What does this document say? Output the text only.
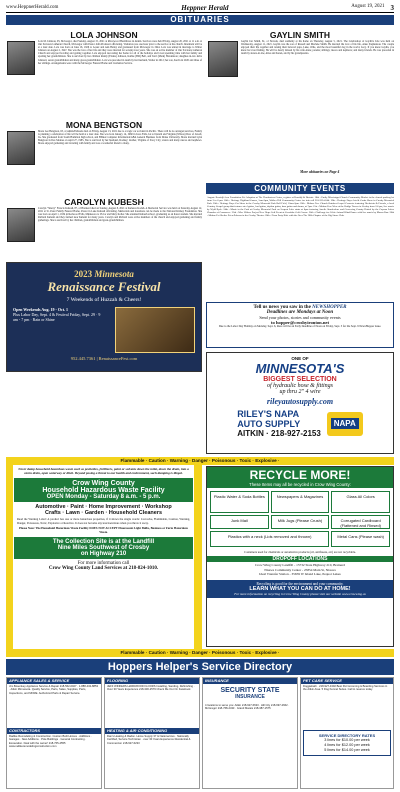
www.HeppnerHerald.com	Heppner Herald	August 19, 2021 3
OBITUARIES
LOLA JOHNSON
Lola M. Johnson, 95, McGregor, died Sunday, August 15, 2021 at Riverwood Healthcare in Aitkin. Services were held Friday, August 20, 2021 at 11 a.m. at Our Saviours Lutheran Church, McGregor with Pastor John Promesci officiating. Visitation was one hour prior to the service at the church. Interment will be at a later date. Lola was born on June 16, 1926 to Lester and Ann Bailey and graduated from McGregor in 1944. Lola was united in marriage to Walter Johnson on August 2, 1947. She was the love of her life and they were married for seventy-four years. She was an active member of Our Saviours Lutheran Church and enjoyed bowling and getting together. Lola enjoyed decorating her home for all of the holidays and loved spending time with her family and spoiling her grandchildren. She is survived by her children Randy (Elaine) Johnson, Kathie (Bill) Bell, and Terri (Mark) Hawkinson; daughter-in-law Jerlis Johnson; seven grandchildren and many great-grandchildren. Lola was preceded in death by her husband, Walter in 2012; her son, Kevin in 2020 and three of her siblings. Arrangements were with the McGregor Funeral Home and Cremation Service.
GAYLIN SMITH
Gaylin Jon Smith, 61, of Nevada, died suddenly at his home on Thursday, August 5, 2021. The Celebration of Gaylin's Life was held on Wednesday, August 11, 2021. Gaylin was the son of Russell and Marlene Smith. He married the love of his life, Anne Stephenson. The couple enjoyed their life together and raising their beloved pups, Luke, Ollie, and the most beautiful dog in the world, Lucy. If you knew Gaylin, you knew he loved fishing. He will be dearly missed by his wife Anne; parents; siblings; nieces and nephews; and many friends. He was preceded in death by sisters-in-law, Alisa and Karen, and by his grandparents.
More obituaries on Page 4
MONA BENGTSON
Mona Lee Bengtson, 63, of Aitkin/Palisade died on Friday, August 13, 2021 due to a tragic car accident in Pacific. There will be no arranged services. Family is planning a celebration of life will be held at a later date. She was born January 14, 1960 in Iowa Falls, IA to Donald and Virginia (Wilson) Daw of Jewell, IA. She graduated from South Hamilton high school, and BS&A Computer Information/ABA General Business from Drake University. Mona married Lynn Bengtson in Des Moines on April 27, 1985. She is survived by her husband, Rodney; mother, Virginia of Story City; sisters and many nieces and nephews. Mona enjoyed gardening and traveling with family and was a wonderful friend to many.
CAROLYN KUBESH
Carolyn "Sherry" Francis Kubesh, 87, of Brainerd died on Sunday, August 8, 2021 at Kuberea Kodah. A Memorial Service was held on Saturday August 12, 2021 at St. Peter Family Funeral Home, Pastor in Lake Kubesh officiating. Memorials and donations can be made to the National Kidney Foundation. She was born on April 1, 1934 in Redwood Falls, Minnesota to Victor and Mary Koller. She attended Kubesh school, graduating as an honor student. She married Richard Kubesh and they farmed near Kubesh for many years. Carolyn and Richard were active members of the church and enjoyed gardening and family gatherings. She is survived by her children, grandchildren and great-grandchildren.
COMMUNITY EVENTS
August: Bemidji Area Foundation Pet Adoption at The Headwaters Center, register at Bemidji & District. 18th - Emily Mississippi Church Community Market in the church parking lot from 3 to 6 pm. 18th - Heritage Highland Games, 5am-3pm, Walker Hill Community Center for info call 218-333-4144. 19th - Heritage Days Arts & Crafts Show in Crosby Memorial Park. 20th - Heritage Days Car Show in the Crosby Memorial Park Ball Field, 10am-2pm. 20th - Malmo Free Church Outdoor Gospel Concerts featuring Hoekstein & Friends, a local Country Gospel group that features steel guitar, lead guitar, rhythm guitar, bass guitar and drums, at 7pm. 21st - Malmo Pow Wow at the Bridge Tavern in Crosby from 2-6 pm, live music by Wyld Ryde. 24th - Music in the Park at Crosby Memorial Park on Serpent Lake starts at 6pm featuring Amelie Stand-alone and Crowwing County Hatted by the Cuyuna Lakes Chamber of Commerce. 25th - Wise Widow Project New Hope Golf Event at Crosslake Golf Course. 26th - Challenge for Celtic Animal Blind Dance with live music by Mason Dan. 28th - Malmo Pet Shelter Pet-a-Palooza in the Crosby Theater. 28th - Pizza Party Ride with the Over The Hills Chapter of the Big Stone Club.
Tell us news you saw in the NEWSHOPPER
Deadlines are Mondays at Noon
Send your photos, stories and community events
to hopper@crosbyironton.net
Due to the Labor Day Holiday on Monday, Sept. 6, there will be an Early Deadline of Noon on Friday, Sept. 3 for the Sept. 9 NewsHopper issue.
2023 Minnesota
Renaissance Festival
7 Weekends of Huzzah & Cheers!
Open Weekends Aug. 19 - Oct. 1
Plus Labor Day, Sept. 4 & Festival Friday, Sept. 29 · 9 am - 7 pm · Rain or Shine
952.445.7361 | RenaissanceFest.com	ONE OF
MINNESOTA'S
BIGGEST SELECTION
of hydraulic hose & fittings
up thru 2" 4 wire
rileyautosupply.com
RILEY'S NAPA
AUTO SUPPLY
AITKIN · 218-927-2153
NAPA
Flammable · Caution · Warning · Danger · Poisonous · Toxic · Explosive ·
Flammable · Caution · Warning · Danger · Poisonous · Toxic · Explosive ·
Never dump household hazardous waste such as pesticides, fertilizers, paint or solvents down the toilet, down the drain, into a storm drain, open waterway or ditch. Beyond posing a threat to our health and environment, such dumping is illegal.
Crow Wing County
Household Hazardous Waste Facility
OPEN Monday - Saturday 8 a.m. - 5 p.m.
Automotive · Paint · Home Improvement · Workshop
Crafts · Lawn · Garden · Household Cleaners
Read the Warning Label: A product has one or more hazardous properties, if it shows the single words: Corrosive, Flammable, Caution, Warning, Danger, Poisonous, Toxic, Explosive or Reactive. It does not become any less hazardous when you throw it away.
Please Note: The Household Hazardous Waste Facility DOES NOT ACCEPT Fluorescent Light Bulbs, Business or Farm Hazardous Waste.
The Collection Site is at the Landfill
Nine Miles Southwest of Crosby
on Highway 210
For more information call
Crow Wing County Land Services at 218-824-1010.
RECYCLE MORE!
These Items may all be recycled in Crow Wing County:
Plastic Water & Soda Bottles	Newspapers & Magazines	Glass All Colors
Junk Mail	Milk Jugs (Please Crush)	Corrugated Cardboard (Flattened and Rinsed)
Plastics with a neck (Lids removed and thrown)	Metal Cans (Please wash)
Containers used for chemicals or automotive products (oil, antifreeze, etc) are not recyclable.
DROPOFF LOCATIONS
Crow Wing County Landfill - 15732 State Highway 210, Brainerd
Nisswa Community Center - 25854 Main St, Nisswa
Ideal Transfer Station - 35659 W Island Lake, Pequot Lakes
Recycling is good for the environment and your community.
LEARN WHAT YOU CAN DO AT HOME!
For more information on recycling in Crow Wing County please visit our website www.crowwing.us
Hoppers Helper's Service Directory
APPLIANCE SALES & SERVICE
Jim Bosenkey Appliance Service & Repair 218-562-0027 · 1-888-432-8853 · Aitkin Minnesota. Quality Service, Parts, Sales, Supplies, Parts, Inspections, and MORE. Authorized Parts & Repair Service.
CONTRACTORS
Radtke Remodeling & Construction. Custom Built Homes · Additions · Garages · New Additions · Pole Buildings · General Contracting · Excavation. Deal with the owner! 218-765-4555 www.radtkeremodelingconstruction.com
FLOORING
JEFF WINKERS HARDWOOD FLOORS Installing, Sanding, Refinishing · Over 30 Years Experience 218-330-2579 Check Me Out On Facebook
HEATING & AIR CONDITIONING
Dan's Heating & Radon. Home Supply 37 & National Ave · Nationally Certified, Service Technician · over 30 Years Experience Residential & Commercial. 218-927-6233
INSURANCE
SECURITY STATE
INSURANCE
4 locations to serve you: Aitkin 218-927-6633 · Hill City 218-697-2662 · McGregor 218-768-2433 · Grand Marais 218-387-1575
PET CARE SERVICE
Doggiebath · 218-927-4302 Best Pet Grooming & Boarding Services in the Aitkin Area. 5 Dog Kennel Suites. Call to reserve today.
SERVICE DIRECTORY RATES
3 lines for $10.00 per week
4 lines for $12.00 per week
5 lines for $14.00 per week
